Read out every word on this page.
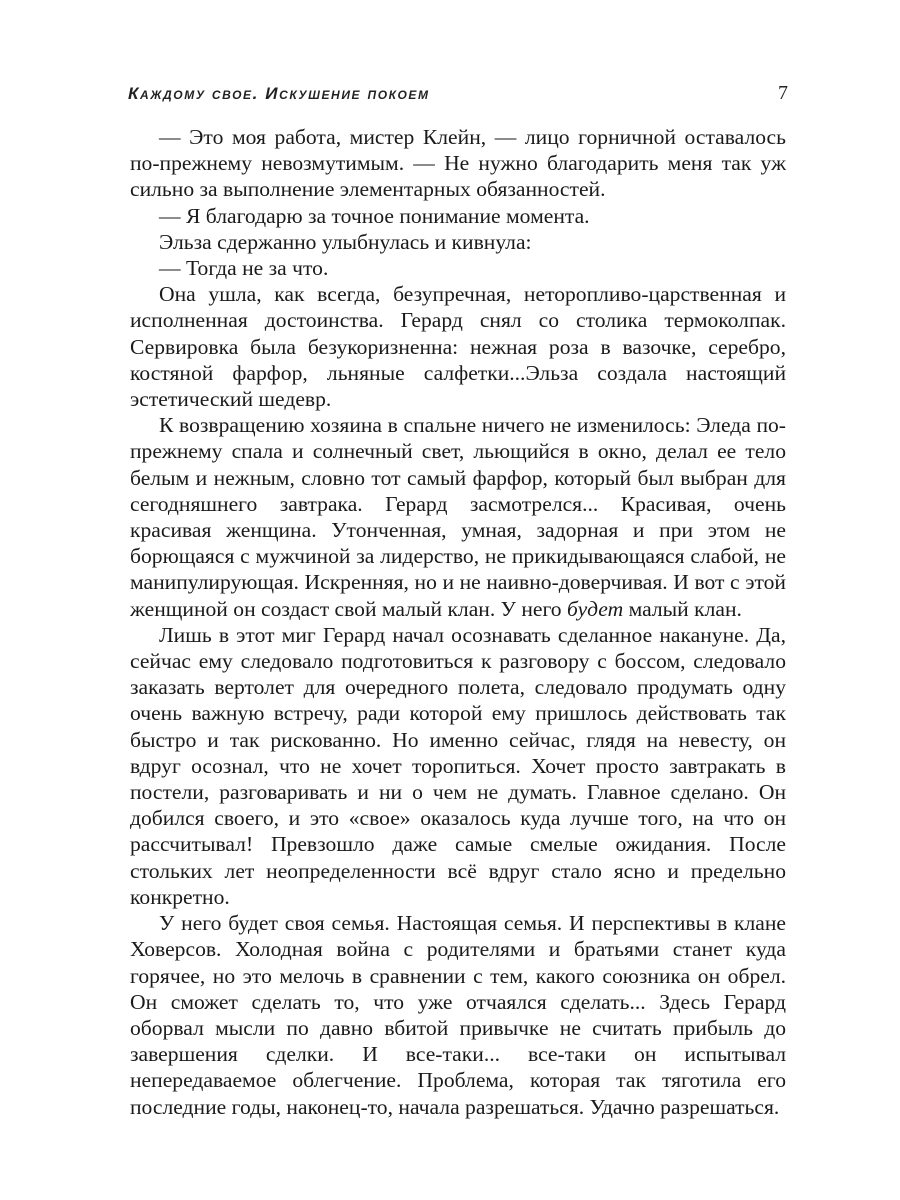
Каждому свое. Искушение покоем	7

— Это моя работа, мистер Клейн, — лицо горничной оставалось по-прежнему невозмутимым. — Не нужно благодарить меня так уж сильно за выполнение элементарных обязанностей.

— Я благодарю за точное понимание момента.

Эльза сдержанно улыбнулась и кивнула:

— Тогда не за что.

Она ушла, как всегда, безупречная, неторопливо-царственная и исполненная достоинства. Герард снял со столика термоколпак. Сервировка была безукоризненна: нежная роза в вазочке, серебро, костяной фарфор, льняные салфетки...Эльза создала настоящий эстетический шедевр.

К возвращению хозяина в спальне ничего не изменилось: Эледа по-прежнему спала и солнечный свет, льющийся в окно, делал ее тело белым и нежным, словно тот самый фарфор, который был выбран для сегодняшнего завтрака. Герард засмотрелся... Красивая, очень красивая женщина. Утонченная, умная, задорная и при этом не борющаяся с мужчиной за лидерство, не прикидывающаяся слабой, не манипулирующая. Искренняя, но и не наивно-доверчивая. И вот с этой женщиной он создаст свой малый клан. У него будет малый клан.

Лишь в этот миг Герард начал осознавать сделанное накануне. Да, сейчас ему следовало подготовиться к разговору с боссом, следовало заказать вертолет для очередного полета, следовало продумать одну очень важную встречу, ради которой ему пришлось действовать так быстро и так рискованно. Но именно сейчас, глядя на невесту, он вдруг осознал, что не хочет торопиться. Хочет просто завтракать в постели, разговаривать и ни о чем не думать. Главное сделано. Он добился своего, и это «свое» оказалось куда лучше того, на что он рассчитывал! Превзошло даже самые смелые ожидания. После стольких лет неопределенности всё вдруг стало ясно и предельно конкретно.

У него будет своя семья. Настоящая семья. И перспективы в клане Ховерсов. Холодная война с родителями и братьями станет куда горячее, но это мелочь в сравнении с тем, какого союзника он обрел. Он сможет сделать то, что уже отчаялся сделать... Здесь Герард оборвал мысли по давно вбитой привычке не считать прибыль до завершения сделки. И все-таки... все-таки он испытывал непередаваемое облегчение. Проблема, которая так тяготила его последние годы, наконец-то, начала разрешаться. Удачно разрешаться.
